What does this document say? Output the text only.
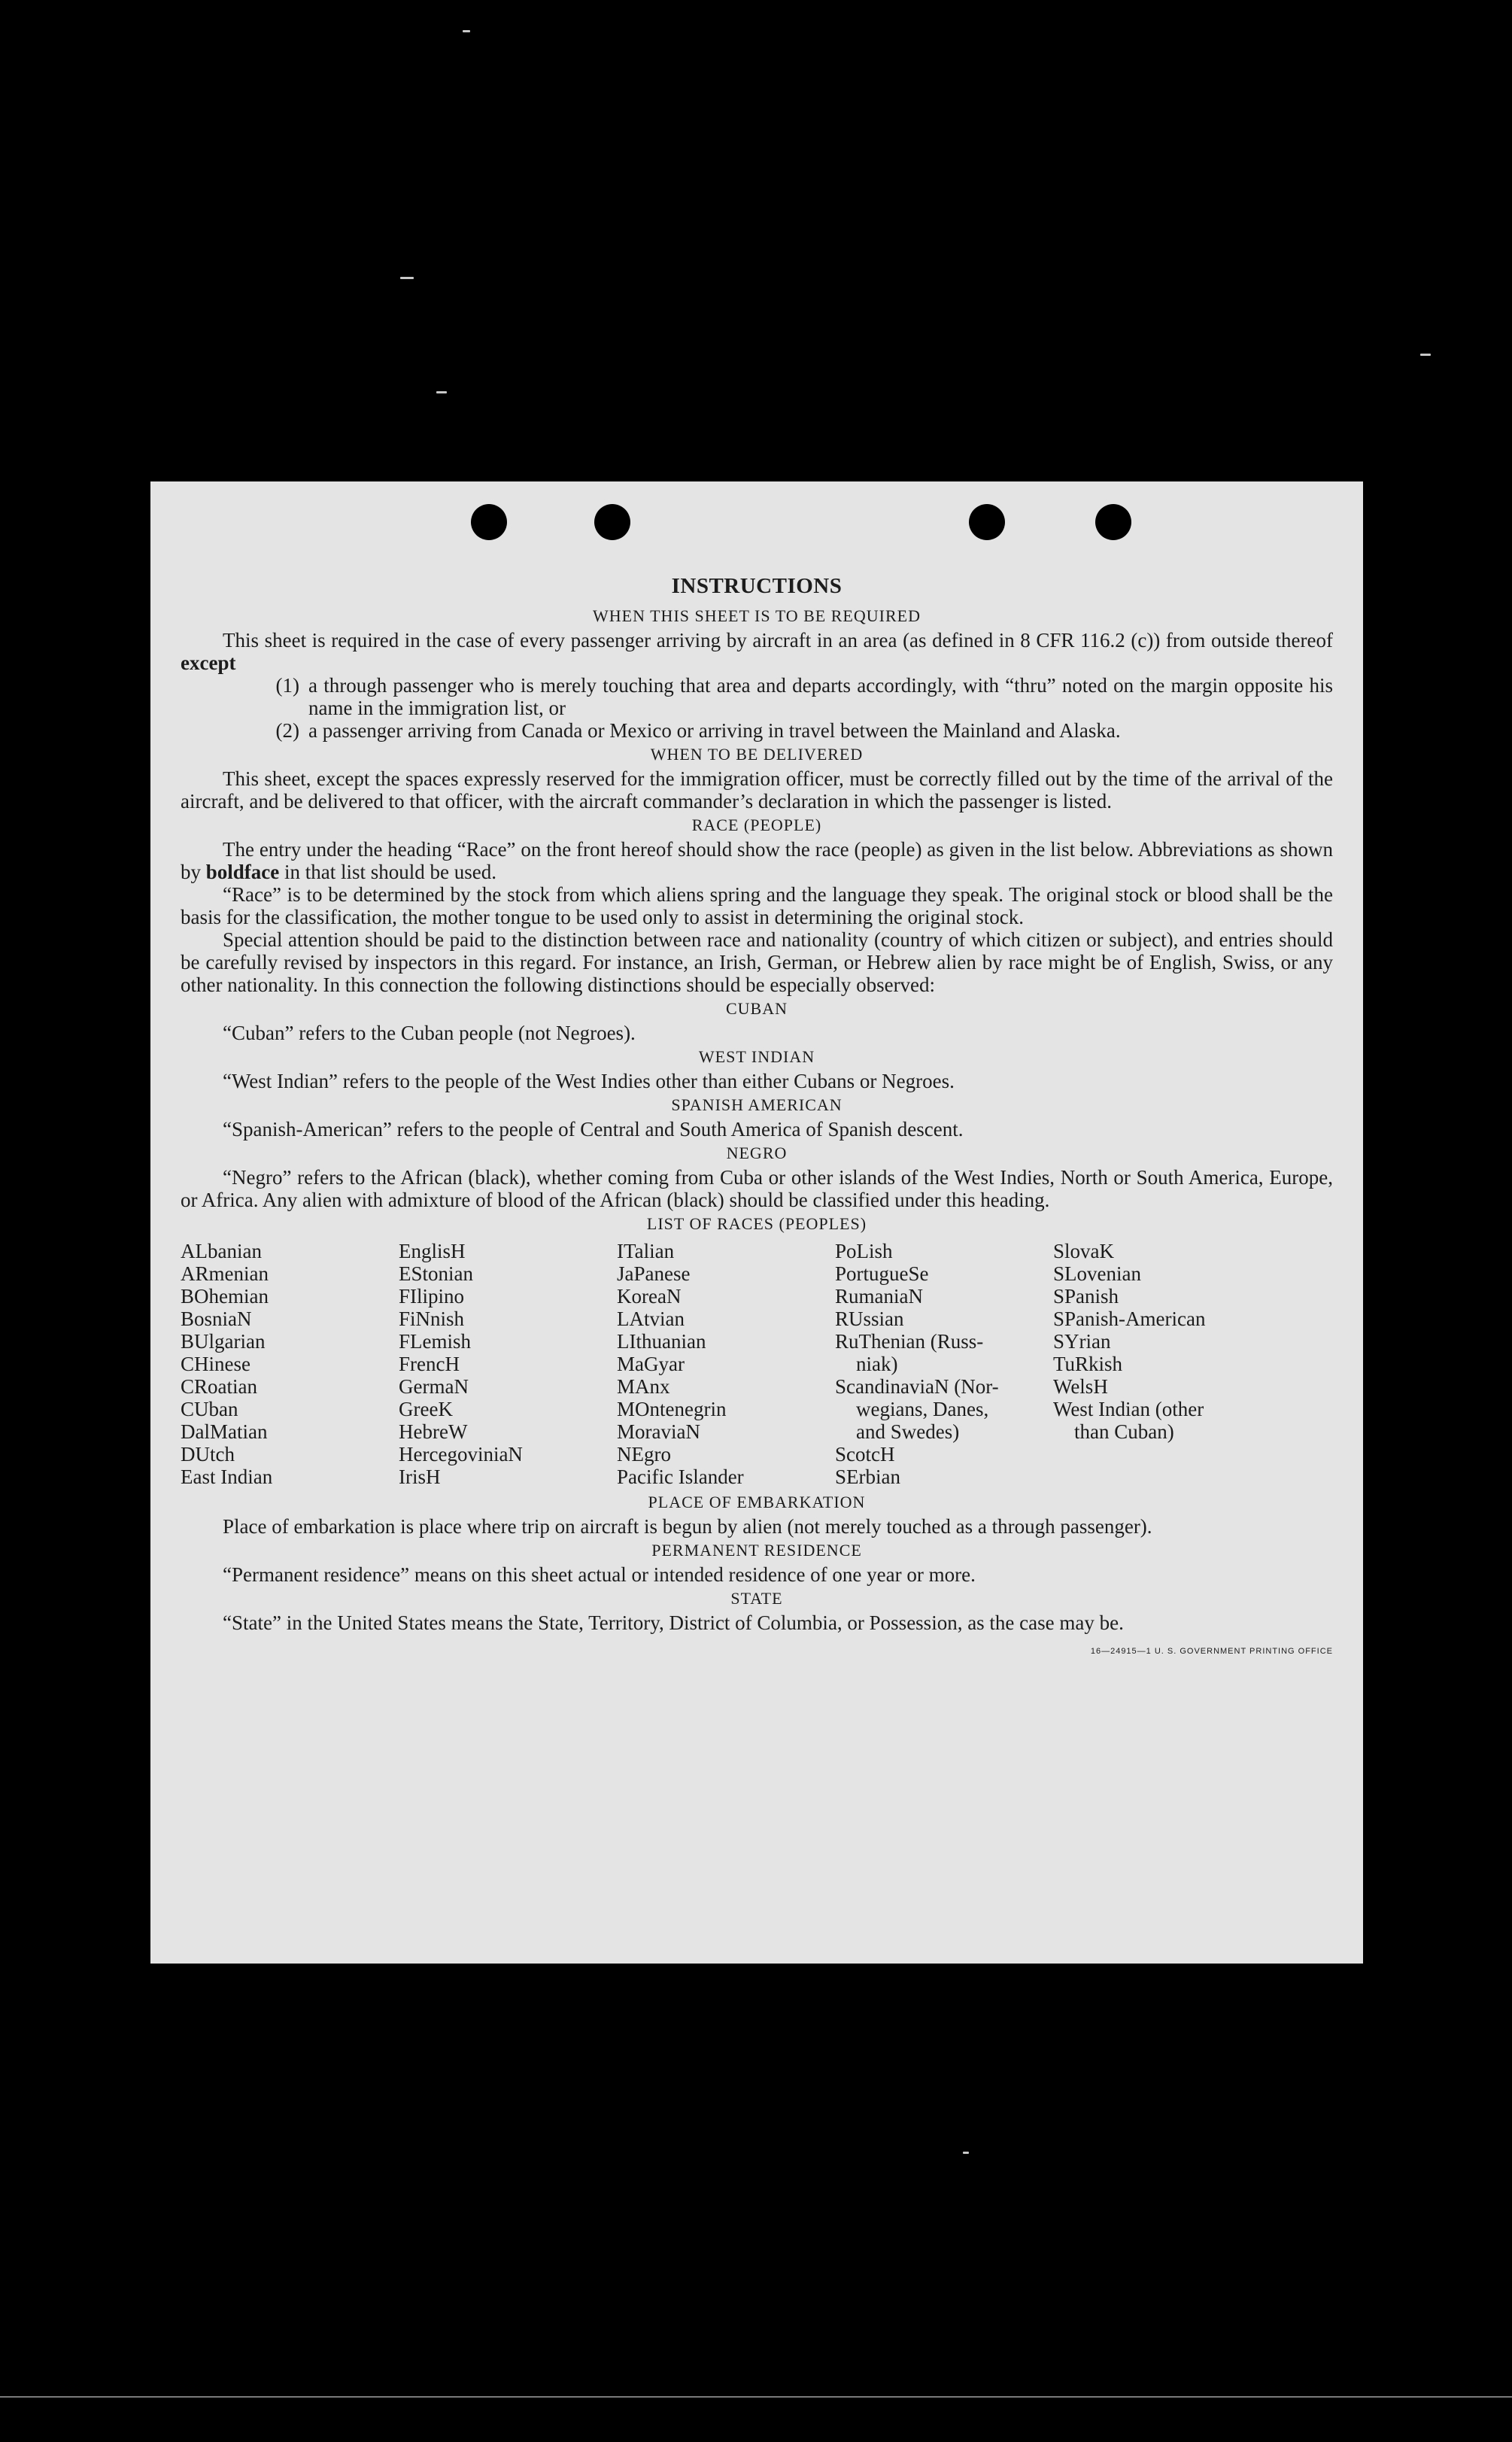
INSTRUCTIONS
WHEN THIS SHEET IS TO BE REQUIRED

This sheet is required in the case of every passenger arriving by aircraft in an area (as defined in 8 CFR 116.2 (c)) from outside thereof except

(1) a through passenger who is merely touching that area and departs accordingly, with “thru” noted on the margin opposite his name in the immigration list, or
(2) a passenger arriving from Canada or Mexico or arriving in travel between the Mainland and Alaska.
WHEN TO BE DELIVERED

This sheet, except the spaces expressly reserved for the immigration officer, must be correctly filled out by the time of the arrival of the aircraft, and be delivered to that officer, with the aircraft commander’s declaration in which the passenger is listed.

RACE (PEOPLE)

The entry under the heading “Race” on the front hereof should show the race (people) as given in the list below. Abbreviations as shown by boldface in that list should be used.

“Race” is to be determined by the stock from which aliens spring and the language they speak. The original stock or blood shall be the basis for the classification, the mother tongue to be used only to assist in determining the original stock.

Special attention should be paid to the distinction between race and nationality (country of which citizen or subject), and entries should be carefully revised by inspectors in this regard. For instance, an Irish, German, or Hebrew alien by race might be of English, Swiss, or any other nationality. In this connection the following distinctions should be especially observed:

CUBAN

“Cuban” refers to the Cuban people (not Negroes).

WEST INDIAN

“West Indian” refers to the people of the West Indies other than either Cubans or Negroes.

SPANISH AMERICAN

“Spanish-American” refers to the people of Central and South America of Spanish descent.

NEGRO

“Negro” refers to the African (black), whether coming from Cuba or other islands of the West Indies, North or South America, Europe, or Africa. Any alien with admixture of blood of the African (black) should be classified under this heading.

LIST OF RACES (PEOPLES)
ALbanian
ARmenian
BOhemian
BosniaN
BUlgarian
CHinese
CRoatian
CUban
DalMatian
DUtch
East Indian
EnglisH
EStonian
FIlipino
FiNnish
FLemish
FrencH
GermaN
GreeK
HebreW
HercegoviniaN
IrisH
ITalian
JaPanese
KoreaN
LAtvian
LIthuanian
MaGyar
MAnx
MOntenegrin
MoraviaN
NEgro
Pacific Islander
PoLish
PortugueSe
RumaniaN
RUssian
RuThenian (Russ-
niak)
ScandinaviaN (Nor-
wegians, Danes,
and Swedes)
ScotcH
SErbian
SlovaK
SLovenian
SPanish
SPanish-American
SYrian
TuRkish
WelsH
West Indian (other
than Cuban)
PLACE OF EMBARKATION

Place of embarkation is place where trip on aircraft is begun by alien (not merely touched as a through passenger).

PERMANENT RESIDENCE

“Permanent residence” means on this sheet actual or intended residence of one year or more.

STATE

“State” in the United States means the State, Territory, District of Columbia, or Possession, as the case may be.

16—24915—1 U. S. GOVERNMENT PRINTING OFFICE
